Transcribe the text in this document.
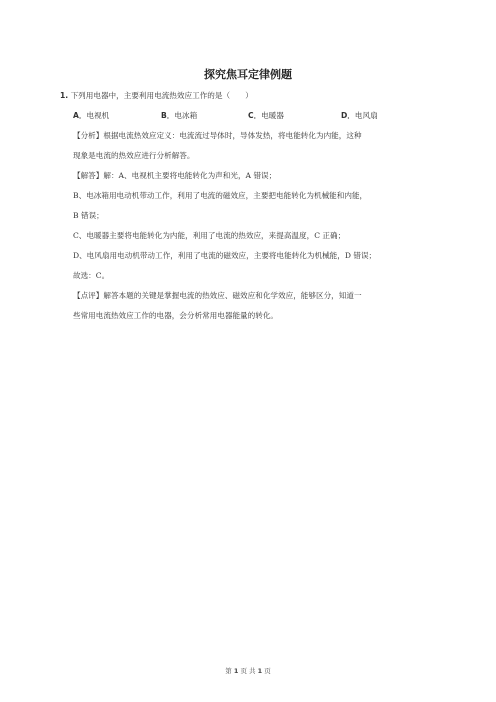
探究焦耳定律例题
1. 下列用电器中，主要利用电流热效应工作的是（　　）
A．电视机	B．电冰箱	C．电暖器	D．电风扇
【分析】根据电流热效应定义：电流流过导体时，导体发热，将电能转化为内能，这种
现象是电流的热效应进行分析解答。
【解答】解：A、电视机主要将电能转化为声和光，A 错误；
B、电冰箱用电动机带动工作，利用了电流的磁效应，主要把电能转化为机械能和内能，
B 错误；
C、电暖器主要将电能转化为内能，利用了电流的热效应，来提高温度，C 正确；
D、电风扇用电动机带动工作，利用了电流的磁效应，主要将电能转化为机械能，D 错误；
故选：C。
【点评】解答本题的关键是掌握电流的热效应、磁效应和化学效应，能够区分，知道一
些常用电流热效应工作的电器，会分析常用电器能量的转化。
第 1 页 共 1 页
